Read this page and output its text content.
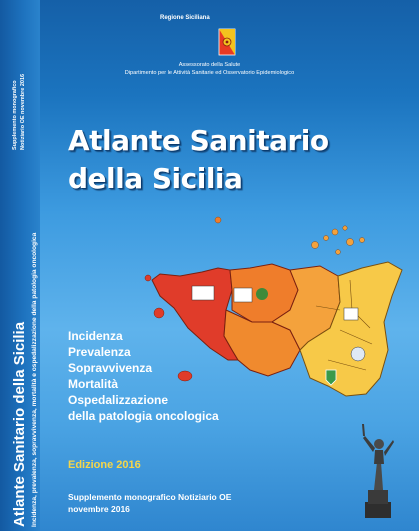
Supplemento monografico Notiziario OE novembre 2016
Atlante Sanitario della Sicilia Incidenza, prevalenza, sopravvivenza, mortalità e ospedalizzazione della patologia oncologica
Regione Siciliana
Assessorato della Salute
Dipartimento per le Attività Sanitarie ed Osservatorio Epidemiologico
Atlante Sanitario
della Sicilia
Incidenza
Prevalenza
Sopravvivenza
Mortalità
Ospedalizzazione
della patologia oncologica
Edizione 2016
Supplemento monografico Notiziario OE
novembre 2016
